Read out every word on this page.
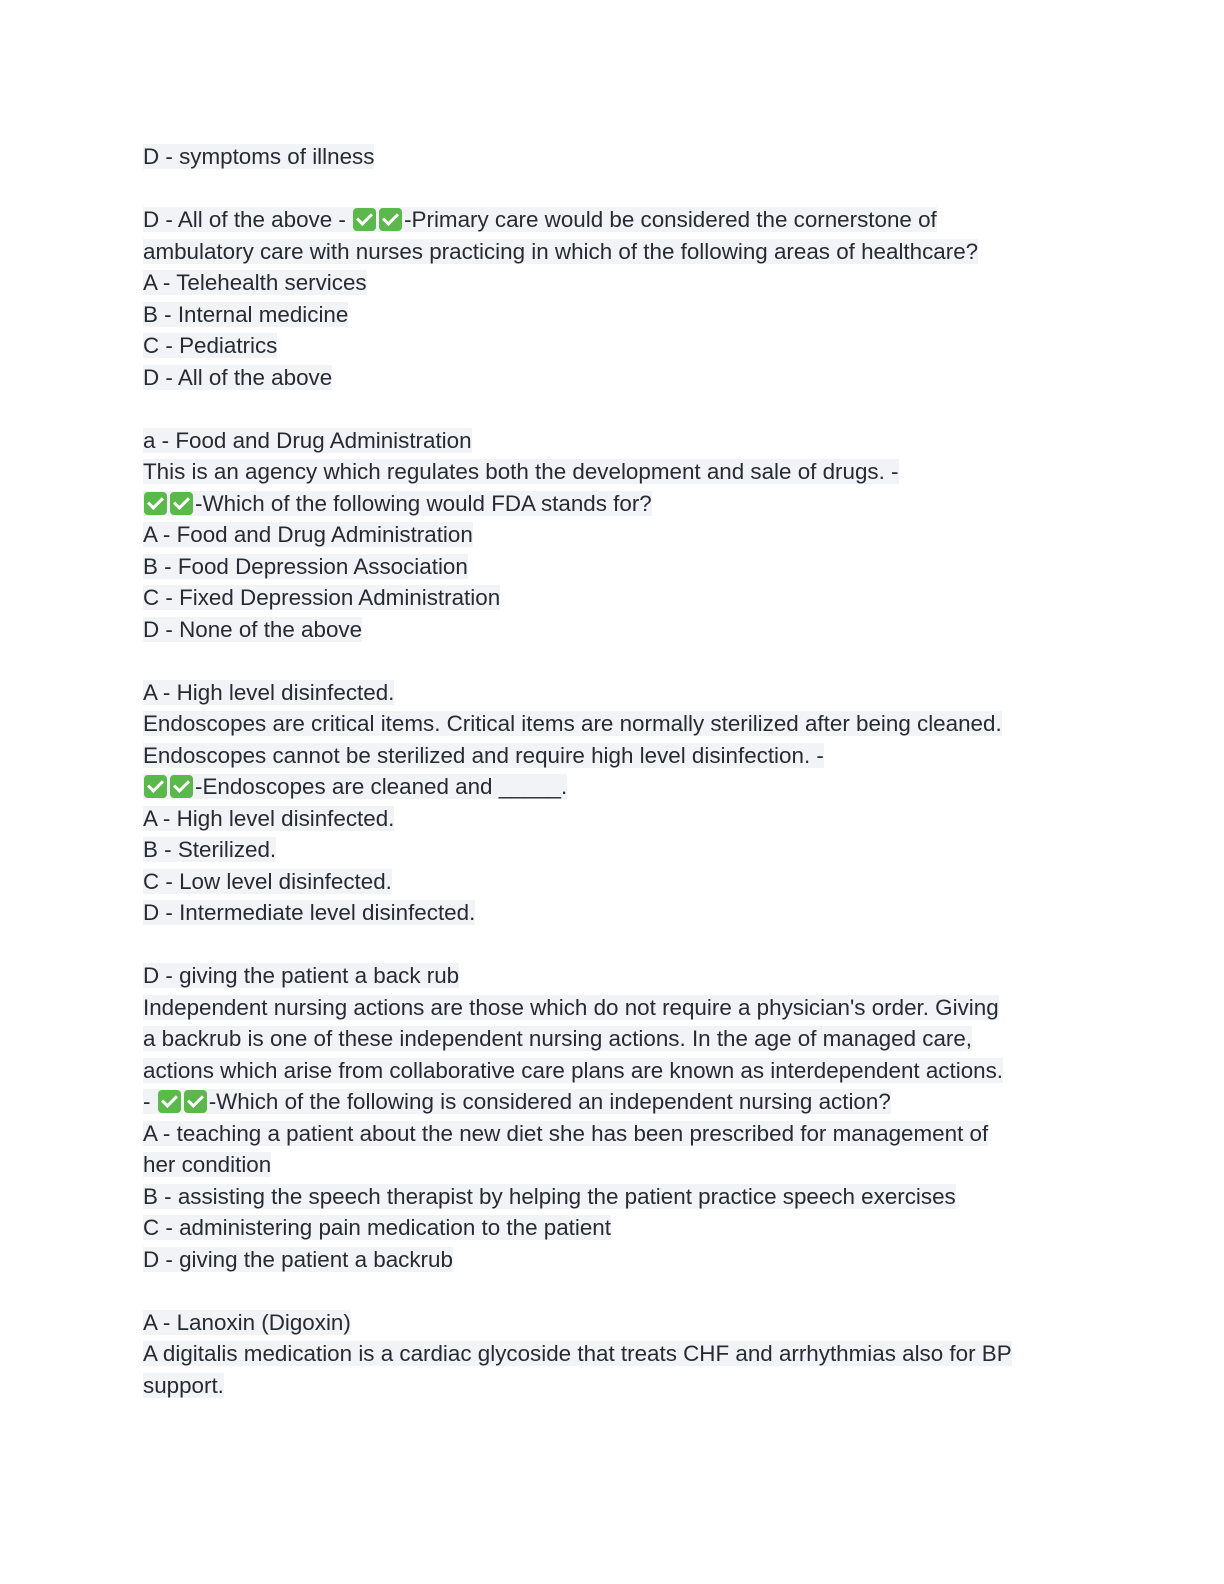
D - symptoms of illness
D - All of the above - -Primary care would be considered the cornerstone of
ambulatory care with nurses practicing in which of the following areas of healthcare?
A - Telehealth services
B - Internal medicine
C - Pediatrics
D - All of the above
a - Food and Drug Administration
This is an agency which regulates both the development and sale of drugs. -
-Which of the following would FDA stands for?
A - Food and Drug Administration
B - Food Depression Association
C - Fixed Depression Administration
D - None of the above
A - High level disinfected.
Endoscopes are critical items. Critical items are normally sterilized after being cleaned.
Endoscopes cannot be sterilized and require high level disinfection. -
-Endoscopes are cleaned and _____.
A - High level disinfected.
B - Sterilized.
C - Low level disinfected.
D - Intermediate level disinfected.
D - giving the patient a back rub
Independent nursing actions are those which do not require a physician's order. Giving
a backrub is one of these independent nursing actions. In the age of managed care,
actions which arise from collaborative care plans are known as interdependent actions.
- -Which of the following is considered an independent nursing action?
A - teaching a patient about the new diet she has been prescribed for management of
her condition
B - assisting the speech therapist by helping the patient practice speech exercises
C - administering pain medication to the patient
D - giving the patient a backrub
A - Lanoxin (Digoxin)
A digitalis medication is a cardiac glycoside that treats CHF and arrhythmias also for BP
support.
